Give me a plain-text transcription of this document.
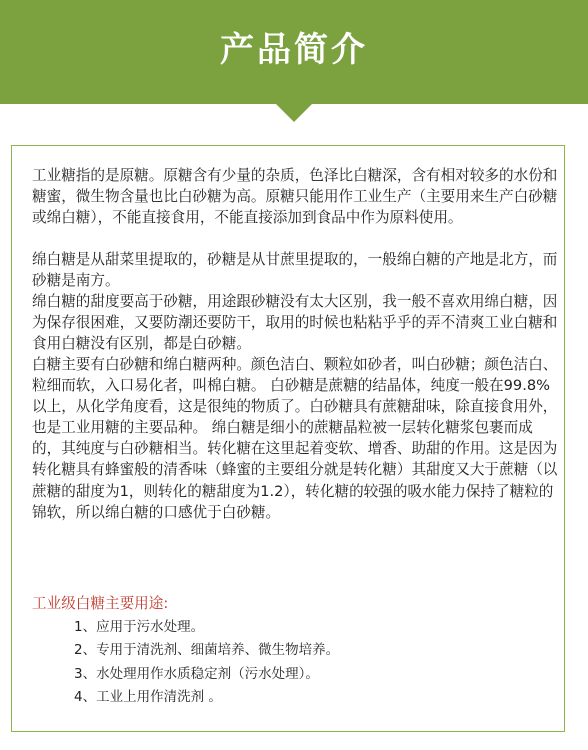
产品简介

工业糖指的是原糖。原糖含有少量的杂质，色泽比白糖深，含有相对较多的水份和糖蜜，微生物含量也比白砂糖为高。原糖只能用作工业生产（主要用来生产白砂糖或绵白糖），不能直接食用，不能直接添加到食品中作为原料使用。

绵白糖是从甜菜里提取的，砂糖是从甘蔗里提取的，一般绵白糖的产地是北方，而砂糖是南方。

绵白糖的甜度要高于砂糖，用途跟砂糖没有太大区别，我一般不喜欢用绵白糖，因为保存很困难，又要防潮还要防干，取用的时候也粘粘乎乎的弄不清爽工业白糖和食用白糖没有区别，都是白砂糖。

白糖主要有白砂糖和绵白糖两种。颜色洁白、颗粒如砂者，叫白砂糖；颜色洁白、粒细而软，入口易化者，叫棉白糖。 白砂糖是蔗糖的结晶体，纯度一般在99.8%以上，从化学角度看，这是很纯的物质了。白砂糖具有蔗糖甜味，除直接食用外，也是工业用糖的主要品种。 绵白糖是细小的蔗糖晶粒被一层转化糖浆包裹而成的，其纯度与白砂糖相当。转化糖在这里起着变软、增香、助甜的作用。这是因为转化糖具有蜂蜜般的清香味（蜂蜜的主要组分就是转化糖）其甜度又大于蔗糖（以蔗糖的甜度为1，则转化的糖甜度为1.2），转化糖的较强的吸水能力保持了糖粒的锦软，所以绵白糖的口感优于白砂糖。

工业级白糖主要用途:

1、应用于污水处理。
2、专用于清洗剂、细菌培养、微生物培养。
3、水处理用作水质稳定剂（污水处理）。
4、工业上用作清洗剂 。
